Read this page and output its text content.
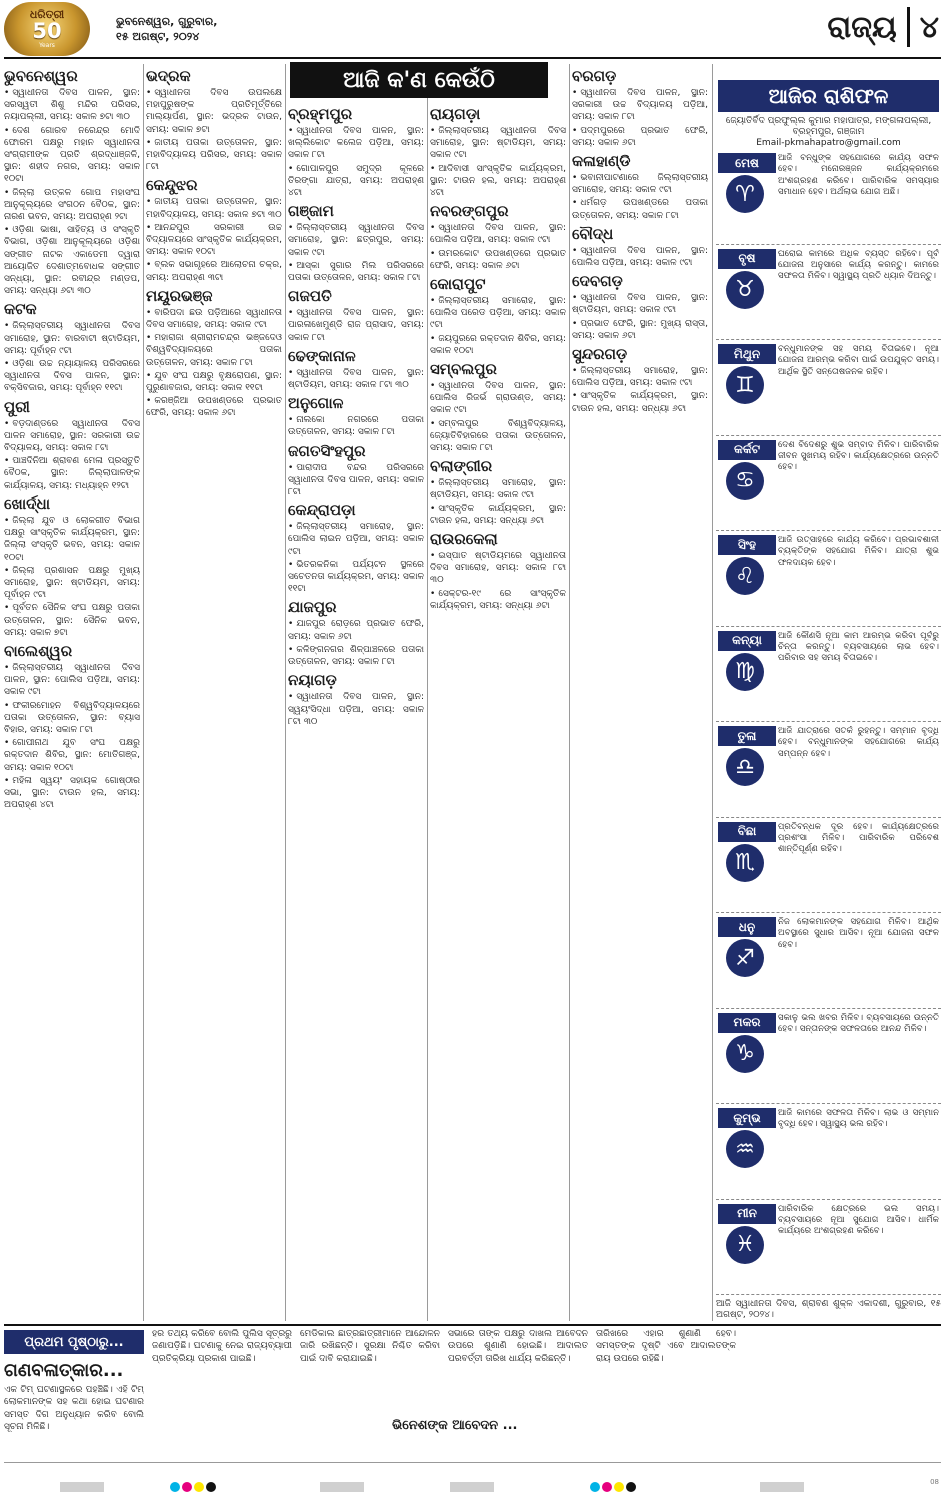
ଧରିତ୍ରୀ
50
Years
ଭୁବନେଶ୍ୱର, ଗୁରୁବାର,
୧୫ ଅଗଷ୍ଟ, ୨୦୨୪	ରାଜ୍ୟ ୪
ଭୁବନେଶ୍ୱର
• ସ୍ୱାଧୀନତା ଦିବସ ପାଳନ, ସ୍ଥାନ: ସରସ୍ୱତୀ ଶିଶୁ ମନ୍ଦିର ପରିସର, ନୟାପଲ୍ଲୀ, ସମୟ: ସକାଳ ୭ଟା ୩୦
• ଦେଶ ଗୋରବ ନରେନ୍ଦ୍ର ମୋଦି ଫୋରମ ପକ୍ଷରୁ ମହାନ ସ୍ୱାଧୀନତା ସଂଗ୍ରାମୀଙ୍କ ପ୍ରତି ଶ୍ରଦ୍ଧାଞ୍ଜଳି, ସ୍ଥାନ: ଶହୀଦ ନଗର, ସମୟ: ସକାଳ ୧୦ଟା
• ଜିଲ୍ଲା ଉତ୍କଳ ଗୋପ ମହାସଂଘ ଆନୁକୂଲ୍ୟରେ ସଂଗଠନ ବୈଠକ, ସ୍ଥାନ: ନାରଣ ଭବନ, ସମୟ: ଅପରାହ୍ଣ ୨ଟା
• ଓଡ଼ିଶା ଭାଷା, ସାହିତ୍ୟ ଓ ସଂସ୍କୃତି ବିଭାଗ, ଓଡ଼ିଶା ଆନୁକୂଲ୍ୟରେ ଓଡ଼ିଶା ସଙ୍ଗୀତ ନାଟକ ଏକାଡେମୀ ଦ୍ୱାରା ଆୟୋଜିତ ଦେଶାତ୍ମବୋଧକ ସଙ୍ଗୀତ ସନ୍ଧ୍ୟା, ସ୍ଥାନ: ରବୀନ୍ଦ୍ର ମଣ୍ଡପ, ସମୟ: ସନ୍ଧ୍ୟା ୬ଟା ୩୦
କଟକ
• ଜିଲ୍ଲାସ୍ତରୀୟ ସ୍ୱାଧୀନତା ଦିବସ ସମାରୋହ, ସ୍ଥାନ: ବାରବାଟୀ ଷ୍ଟାଡିୟମ, ସମୟ: ପୂର୍ବାହ୍ନ ୯ଟା
• ଓଡ଼ିଶା ଉଚ୍ଚ ନ୍ୟାୟାଳୟ ପରିସରରେ ସ୍ୱାଧୀନତା ଦିବସ ପାଳନ, ସ୍ଥାନ: ବକ୍ସିବଜାର, ସମୟ: ପୂର୍ବାହ୍ନ ୧୧ଟା
ପୁରୀ
• ବଡ଼ଦାଣ୍ଡରେ ସ୍ୱାଧୀନତା ଦିବସ ପାଳନ ସମାରୋହ, ସ୍ଥାନ: ସରକାରୀ ଉଚ୍ଚ ବିଦ୍ୟାଳୟ, ସମୟ: ସକାଳ ୮ଟା
• ପାଞ୍ଚଦିନିଆ ଶ୍ରାବଣ ମେଳା ପ୍ରସ୍ତୁତି ବୈଠକ, ସ୍ଥାନ: ଜିଲ୍ଲାପାଳଙ୍କ କାର୍ଯ୍ୟାଳୟ, ସମୟ: ମଧ୍ୟାହ୍ନ ୧୨ଟା
ଖୋର୍ଦ୍ଧା
• ଜିଲ୍ଲା ଯୁବ ଓ ଲୋକଗୀତ ବିଭାଗ ପକ୍ଷରୁ ସାଂସ୍କୃତିକ କାର୍ଯ୍ୟକ୍ରମ, ସ୍ଥାନ: ଜିଲ୍ଲା ସଂସ୍କୃତି ଭବନ, ସମୟ: ସକାଳ ୧୦ଟା
• ଜିଲ୍ଲା ପ୍ରଶାସନ ପକ୍ଷରୁ ମୁଖ୍ୟ ସମାରୋହ, ସ୍ଥାନ: ଷ୍ଟାଡିୟମ, ସମୟ: ପୂର୍ବାହ୍ନ ୯ଟା
• ପୂର୍ବତନ ସୈନିକ ସଂଘ ପକ୍ଷରୁ ପତାକା ଉତ୍ତୋଳନ, ସ୍ଥାନ: ସୈନିକ ଭବନ, ସମୟ: ସକାଳ ୭ଟା
ବାଲେଶ୍ୱର
• ଜିଲ୍ଲାସ୍ତରୀୟ ସ୍ୱାଧୀନତା ଦିବସ ପାଳନ, ସ୍ଥାନ: ପୋଲିସ ପଡ଼ିଆ, ସମୟ: ସକାଳ ୯ଟା
• ଫକୀରମୋହନ ବିଶ୍ୱବିଦ୍ୟାଳୟରେ ପତାକା ଉତ୍ତୋଳନ, ସ୍ଥାନ: ବ୍ୟାସ ବିହାର, ସମୟ: ସକାଳ ୮ଟା
• ଗୋପୀନାଥ ଯୁବ ସଂଘ ପକ୍ଷରୁ ରକ୍ତଦାନ ଶିବିର, ସ୍ଥାନ: ମୋତିଗଞ୍ଜ, ସମୟ: ସକାଳ ୧୦ଟା
• ମହିଳା ସ୍ୱୟଂ ସହାୟକ ଗୋଷ୍ଠୀର ସଭା, ସ୍ଥାନ: ଟାଉନ ହଲ, ସମୟ: ଅପରାହ୍ଣ ୪ଟା
ଭଦ୍ରକ
• ସ୍ୱାଧୀନତା ଦିବସ ଉପଲକ୍ଷେ ମହାପୁରୁଷଙ୍କ ପ୍ରତିମୂର୍ତ୍ତିରେ ମାଲ୍ୟାର୍ପଣ, ସ୍ଥାନ: ଭଦ୍ରକ ଟାଉନ, ସମୟ: ସକାଳ ୭ଟା
• ଜାତୀୟ ପତାକା ଉତ୍ତୋଳନ, ସ୍ଥାନ: ମହାବିଦ୍ୟାଳୟ ପରିସର, ସମୟ: ସକାଳ ୮ଟା
କେନ୍ଦୁଝର
• ଜାତୀୟ ପତାକା ଉତ୍ତୋଳନ, ସ୍ଥାନ: ମହାବିଦ୍ୟାଳୟ, ସମୟ: ସକାଳ ୭ଟା ୩୦
• ଆନନ୍ଦପୁର ସରକାରୀ ଉଚ୍ଚ ବିଦ୍ୟାଳୟରେ ସାଂସ୍କୃତିକ କାର୍ଯ୍ୟକ୍ରମ, ସମୟ: ସକାଳ ୧୦ଟା
• ବ୍ଲକ ସଭାଗୃହରେ ଆଲୋଚନା ଚକ୍ର, ସମୟ: ଅପରାହ୍ଣ ୩ଟା
ମୟୂରଭଞ୍ଜ
• ବାରିପଦା ଛଉ ପଡ଼ିଆରେ ସ୍ୱାଧୀନତା ଦିବସ ସମାରୋହ, ସମୟ: ସକାଳ ୯ଟା
• ମହାରାଜା ଶ୍ରୀରାମଚନ୍ଦ୍ର ଭଞ୍ଜଦେଓ ବିଶ୍ୱବିଦ୍ୟାଳୟରେ ପତାକା ଉତ୍ତୋଳନ, ସମୟ: ସକାଳ ୮ଟା
• ଯୁବ ସଂଘ ପକ୍ଷରୁ ବୃକ୍ଷରୋପଣ, ସ୍ଥାନ: ପୁରୁଣାବଜାର, ସମୟ: ସକାଳ ୧୧ଟା
• କରଞ୍ଜିଆ ଉପଖଣ୍ଡରେ ପ୍ରଭାତ ଫେରି, ସମୟ: ସକାଳ ୬ଟା
ବ୍ରହ୍ମପୁର
• ସ୍ୱାଧୀନତା ଦିବସ ପାଳନ, ସ୍ଥାନ: ଖଲ୍ଲିକୋଟ କଲେଜ ପଡ଼ିଆ, ସମୟ: ସକାଳ ୮ଟା
• ଗୋପାଳପୁର ସମୁଦ୍ର କୂଳରେ ତିରଙ୍ଗା ଯାତ୍ରା, ସମୟ: ଅପରାହ୍ଣ ୪ଟା
ଗଞ୍ଜାମ
• ଜିଲ୍ଲାସ୍ତରୀୟ ସ୍ୱାଧୀନତା ଦିବସ ସମାରୋହ, ସ୍ଥାନ: ଛତ୍ରପୁର, ସମୟ: ସକାଳ ୯ଟା
• ଆସ୍କା ସୁଗାର ମିଲ ପରିସରରେ ପତାକା ଉତ୍ତୋଳନ, ସମୟ: ସକାଳ ୮ଟା
ଗଜପତି
• ସ୍ୱାଧୀନତା ଦିବସ ପାଳନ, ସ୍ଥାନ: ପାରଳାଖେମୁଣ୍ଡି ରାଜ ପ୍ରାସାଦ, ସମୟ: ସକାଳ ୮ଟା
ଢେଙ୍କାନାଳ
• ସ୍ୱାଧୀନତା ଦିବସ ପାଳନ, ସ୍ଥାନ: ଷ୍ଟାଡିୟମ, ସମୟ: ସକାଳ ୮ଟା ୩୦
ଅନୁଗୋଳ
• ନାଲକୋ ନଗରରେ ପତାକା ଉତ୍ତୋଳନ, ସମୟ: ସକାଳ ୮ଟା
ଜଗତସିଂହପୁର
• ପାରାଦୀପ ବନ୍ଦର ପରିସରରେ ସ୍ୱାଧୀନତା ଦିବସ ପାଳନ, ସମୟ: ସକାଳ ୮ଟା
କେନ୍ଦ୍ରାପଡ଼ା
• ଜିଲ୍ଲାସ୍ତରୀୟ ସମାରୋହ, ସ୍ଥାନ: ପୋଲିସ ଲାଇନ ପଡ଼ିଆ, ସମୟ: ସକାଳ ୯ଟା
• ଭିତରକନିକା ପର୍ଯ୍ୟଟନ ସ୍ଥଳରେ ସଚେତନତା କାର୍ଯ୍ୟକ୍ରମ, ସମୟ: ସକାଳ ୧୧ଟା
ଯାଜପୁର
• ଯାଜପୁର ରୋଡ଼ରେ ପ୍ରଭାତ ଫେରି, ସମୟ: ସକାଳ ୬ଟା
• କଳିଙ୍ଗନଗର ଶିଳ୍ପାଞ୍ଚଳରେ ପତାକା ଉତ୍ତୋଳନ, ସମୟ: ସକାଳ ୮ଟା
ନୟାଗଡ଼
• ସ୍ୱାଧୀନତା ଦିବସ ପାଳନ, ସ୍ଥାନ: ସ୍ୱୟଂସିଦ୍ଧା ପଡ଼ିଆ, ସମୟ: ସକାଳ ୮ଟା ୩୦
ରାୟଗଡ଼ା
• ଜିଲ୍ଲାସ୍ତରୀୟ ସ୍ୱାଧୀନତା ଦିବସ ସମାରୋହ, ସ୍ଥାନ: ଷ୍ଟାଡିୟମ, ସମୟ: ସକାଳ ୯ଟା
• ଆଦିବାସୀ ସାଂସ୍କୃତିକ କାର୍ଯ୍ୟକ୍ରମ, ସ୍ଥାନ: ଟାଉନ ହଲ, ସମୟ: ଅପରାହ୍ଣ ୪ଟା
ନବରଙ୍ଗପୁର
• ସ୍ୱାଧୀନତା ଦିବସ ପାଳନ, ସ୍ଥାନ: ପୋଲିସ ପଡ଼ିଆ, ସମୟ: ସକାଳ ୯ଟା
• ଉମରକୋଟ ଉପଖଣ୍ଡରେ ପ୍ରଭାତ ଫେରି, ସମୟ: ସକାଳ ୬ଟା
କୋରାପୁଟ
• ଜିଲ୍ଲାସ୍ତରୀୟ ସମାରୋହ, ସ୍ଥାନ: ପୋଲିସ ପରେଡ ପଡ଼ିଆ, ସମୟ: ସକାଳ ୯ଟା
• ଜୟପୁରରେ ରକ୍ତଦାନ ଶିବିର, ସମୟ: ସକାଳ ୧୦ଟା
ସମ୍ବଲପୁର
• ସ୍ୱାଧୀନତା ଦିବସ ପାଳନ, ସ୍ଥାନ: ପୋଲିସ ରିଜର୍ଭ ଗ୍ରାଉଣ୍ଡ, ସମୟ: ସକାଳ ୯ଟା
• ସମ୍ବଲପୁର ବିଶ୍ୱବିଦ୍ୟାଳୟ, ଜ୍ୟୋତିବିହାରରେ ପତାକା ଉତ୍ତୋଳନ, ସମୟ: ସକାଳ ୮ଟା
ବଲାଙ୍ଗୀର
• ଜିଲ୍ଲାସ୍ତରୀୟ ସମାରୋହ, ସ୍ଥାନ: ଷ୍ଟାଡିୟମ, ସମୟ: ସକାଳ ୯ଟା
• ସାଂସ୍କୃତିକ କାର୍ଯ୍ୟକ୍ରମ, ସ୍ଥାନ: ଟାଉନ ହଲ, ସମୟ: ସନ୍ଧ୍ୟା ୬ଟା
ରାଉରକେଲା
• ଇସ୍ପାତ ଷ୍ଟାଡିୟମରେ ସ୍ୱାଧୀନତା ଦିବସ ସମାରୋହ, ସମୟ: ସକାଳ ୮ଟା ୩୦
• ସେକ୍ଟର-୧୯ ରେ ସାଂସ୍କୃତିକ କାର୍ଯ୍ୟକ୍ରମ, ସମୟ: ସନ୍ଧ୍ୟା ୬ଟା
ବରଗଡ଼
• ସ୍ୱାଧୀନତା ଦିବସ ପାଳନ, ସ୍ଥାନ: ସରକାରୀ ଉଚ୍ଚ ବିଦ୍ୟାଳୟ ପଡ଼ିଆ, ସମୟ: ସକାଳ ୮ଟା
• ପଦ୍ମପୁରରେ ପ୍ରଭାତ ଫେରି, ସମୟ: ସକାଳ ୬ଟା
କଳାହାଣ୍ଡି
• ଭବାନୀପାଟଣାରେ ଜିଲ୍ଲାସ୍ତରୀୟ ସମାରୋହ, ସମୟ: ସକାଳ ୯ଟା
• ଧର୍ମଗଡ଼ ଉପଖଣ୍ଡରେ ପତାକା ଉତ୍ତୋଳନ, ସମୟ: ସକାଳ ୮ଟା
ବୌଦ୍ଧ
• ସ୍ୱାଧୀନତା ଦିବସ ପାଳନ, ସ୍ଥାନ: ପୋଲିସ ପଡ଼ିଆ, ସମୟ: ସକାଳ ୯ଟା
ଦେବଗଡ଼
• ସ୍ୱାଧୀନତା ଦିବସ ପାଳନ, ସ୍ଥାନ: ଷ୍ଟାଡିୟମ, ସମୟ: ସକାଳ ୯ଟା
• ପ୍ରଭାତ ଫେରି, ସ୍ଥାନ: ମୁଖ୍ୟ ରାସ୍ତା, ସମୟ: ସକାଳ ୬ଟା
ସୁନ୍ଦରଗଡ଼
• ଜିଲ୍ଲାସ୍ତରୀୟ ସମାରୋହ, ସ୍ଥାନ: ପୋଲିସ ପଡ଼ିଆ, ସମୟ: ସକାଳ ୯ଟା
• ସାଂସ୍କୃତିକ କାର୍ଯ୍ୟକ୍ରମ, ସ୍ଥାନ: ଟାଉନ ହଲ, ସମୟ: ସନ୍ଧ୍ୟା ୬ଟା
ଆଜି କ'ଣ କେଉଁଠି
ଆଜିର ରାଶିଫଳ
ଜ୍ୟୋତିର୍ବିଦ ପ୍ରଫୁଲ୍ଲ କୁମାର ମହାପାତ୍ର, ମଙ୍ଗଳାପଲ୍ଲୀ, ବ୍ରହ୍ମପୁର, ଗଞ୍ଜାମ
Email-pkmahapatro@gmail.com
ମେଷ
♈
ଆଜି ବନ୍ଧୁଙ୍କ ସହଯୋଗରେ କାର୍ଯ୍ୟ ସଫଳ ହେବ। ମନୋରଞ୍ଜନ କାର୍ଯ୍ୟକ୍ରମରେ ଅଂଶଗ୍ରହଣ କରିବେ। ପାରିବାରିକ ସମସ୍ୟାର ସମାଧାନ ହେବ। ଅର୍ଥଲାଭ ଯୋଗ ଅଛି।
ବୃଷ
♉
ଘରୋଇ କାମରେ ଅଧିକ ବ୍ୟସ୍ତ ରହିବେ। ପୂର୍ବ ଯୋଜନା ଅନୁସାରେ କାର୍ଯ୍ୟ କରନ୍ତୁ। କାମରେ ସଫଳତା ମିଳିବ। ସ୍ୱାସ୍ଥ୍ୟ ପ୍ରତି ଧ୍ୟାନ ଦିଅନ୍ତୁ।
ମିଥୁନ
♊
ବନ୍ଧୁମାନଙ୍କ ସହ ସମୟ ବିତାଇବେ। ନୂଆ ଯୋଜନା ଆରମ୍ଭ କରିବା ପାଇଁ ଉପଯୁକ୍ତ ସମୟ। ଆର୍ଥିକ ସ୍ଥିତି ସନ୍ତୋଷଜନକ ରହିବ।
କର୍କଟ
♋
ଦେଶ ବିଦେଶରୁ ଶୁଭ ସମ୍ବାଦ ମିଳିବ। ପାରିବାରିକ ଜୀବନ ସୁଖମୟ ରହିବ। କାର୍ଯ୍ୟକ୍ଷେତ୍ରରେ ଉନ୍ନତି ହେବ।
ସିଂହ
♌
ଆଜି ଉତ୍ସାହରେ କାର୍ଯ୍ୟ କରିବେ। ପ୍ରଭାବଶାଳୀ ବ୍ୟକ୍ତିଙ୍କ ସହଯୋଗ ମିଳିବ। ଯାତ୍ରା ଶୁଭ ଫଳଦାୟକ ହେବ।
କନ୍ୟା
♍
ଆଜି କୌଣସି ନୂଆ କାମ ଆରମ୍ଭ କରିବା ପୂର୍ବରୁ ଚିନ୍ତା କରନ୍ତୁ। ବ୍ୟବସାୟରେ ଲାଭ ହେବ। ପରିବାର ସହ ସମୟ ବିତାଇବେ।
ତୁଳା
♎
ଆଜି ଯାତ୍ରାରେ ସତର୍କ ରୁହନ୍ତୁ। ସମ୍ମାନ ବୃଦ୍ଧି ହେବ। ବନ୍ଧୁମାନଙ୍କ ସହଯୋଗରେ କାର୍ଯ୍ୟ ସମ୍ପନ୍ନ ହେବ।
ବିଛା
♏
ପ୍ରତିବନ୍ଧକ ଦୂର ହେବ। କାର୍ଯ୍ୟକ୍ଷେତ୍ରରେ ପ୍ରଶଂସା ମିଳିବ। ପାରିବାରିକ ପରିବେଶ ଶାନ୍ତିପୂର୍ଣ୍ଣ ରହିବ।
ଧନୁ
♐
ନିଜ ଲୋକମାନଙ୍କ ସହଯୋଗ ମିଳିବ। ଆର୍ଥିକ ଅବସ୍ଥାରେ ସୁଧାର ଆସିବ। ନୂଆ ଯୋଜନା ସଫଳ ହେବ।
ମକର
♑
ସକାଳୁ ଭଲ ଖବର ମିଳିବ। ବ୍ୟବସାୟରେ ଉନ୍ନତି ହେବ। ସନ୍ତାନଙ୍କ ସଫଳତାରେ ଆନନ୍ଦ ମିଳିବ।
କୁମ୍ଭ
♒
ଆଜି କାମରେ ସଫଳତା ମିଳିବ। ଲାଭ ଓ ସମ୍ମାନ ବୃଦ୍ଧି ହେବ। ସ୍ୱାସ୍ଥ୍ୟ ଭଲ ରହିବ।
ମୀନ
♓
ପାରିବାରିକ କ୍ଷେତ୍ରରେ ଭଲ ସମୟ। ବ୍ୟବସାୟରେ ନୂଆ ସୁଯୋଗ ଆସିବ। ଧାର୍ମିକ କାର୍ଯ୍ୟରେ ଅଂଶଗ୍ରହଣ କରିବେ।
ଆଜି ସ୍ୱାଧୀନତା ଦିବସ, ଶ୍ରାବଣ ଶୁକ୍ଳ ଏକାଦଶୀ, ଗୁରୁବାର, ୧୫ ଅଗଷ୍ଟ, ୨୦୨୪।
ପ୍ରଥମ ପୃଷ୍ଠାରୁ...
ଗଣବଳାତ୍କାର...
ଏକ ଟିମ୍ ଘଟଣାସ୍ଥଳରେ ପହଞ୍ଚିଛି। ଏହି ଟିମ୍ ଲୋକମାନଙ୍କ ସହ କଥା ହୋଇ ଘଟଣାର ସମସ୍ତ ଦିଗ ଅନୁଧ୍ୟାନ କରିବ ବୋଲି ସୂଚନା ମିଳିଛି।
ହର ତଥ୍ୟ କରିବେ ବୋଲି ପୁଲିସ ସୂତ୍ରରୁ ଜଣାପଡ଼ିଛି। ଘଟଣାକୁ ନେଇ ରାଜ୍ୟବ୍ୟାପୀ ପ୍ରତିକ୍ରିୟା ପ୍ରକାଶ ପାଇଛି।
ମେଡିକାଲ ଛାତ୍ରଛାତ୍ରୀମାନେ ଆନ୍ଦୋଳନ ଜାରି ରଖିଛନ୍ତି। ସୁରକ୍ଷା ନିଶ୍ଚିତ କରିବା ପାଇଁ ଦାବି କରାଯାଇଛି।
ସଭାରେ ତାଙ୍କ ପକ୍ଷରୁ ଦାଖଲ ଆବେଦନ ଉପରେ ଶୁଣାଣି ହୋଇଛି। ଆଦାଲତ ପରବର୍ତ୍ତୀ ତାରିଖ ଧାର୍ଯ୍ୟ କରିଛନ୍ତି।
ତାରିଖରେ ଏହାର ଶୁଣାଣି ହେବ। ସମସ୍ତଙ୍କ ଦୃଷ୍ଟି ଏବେ ଆଦାଲତଙ୍କ ରାୟ ଉପରେ ରହିଛି।
ଭିନେଶଙ୍କ ଆବେଦନ ...
08
